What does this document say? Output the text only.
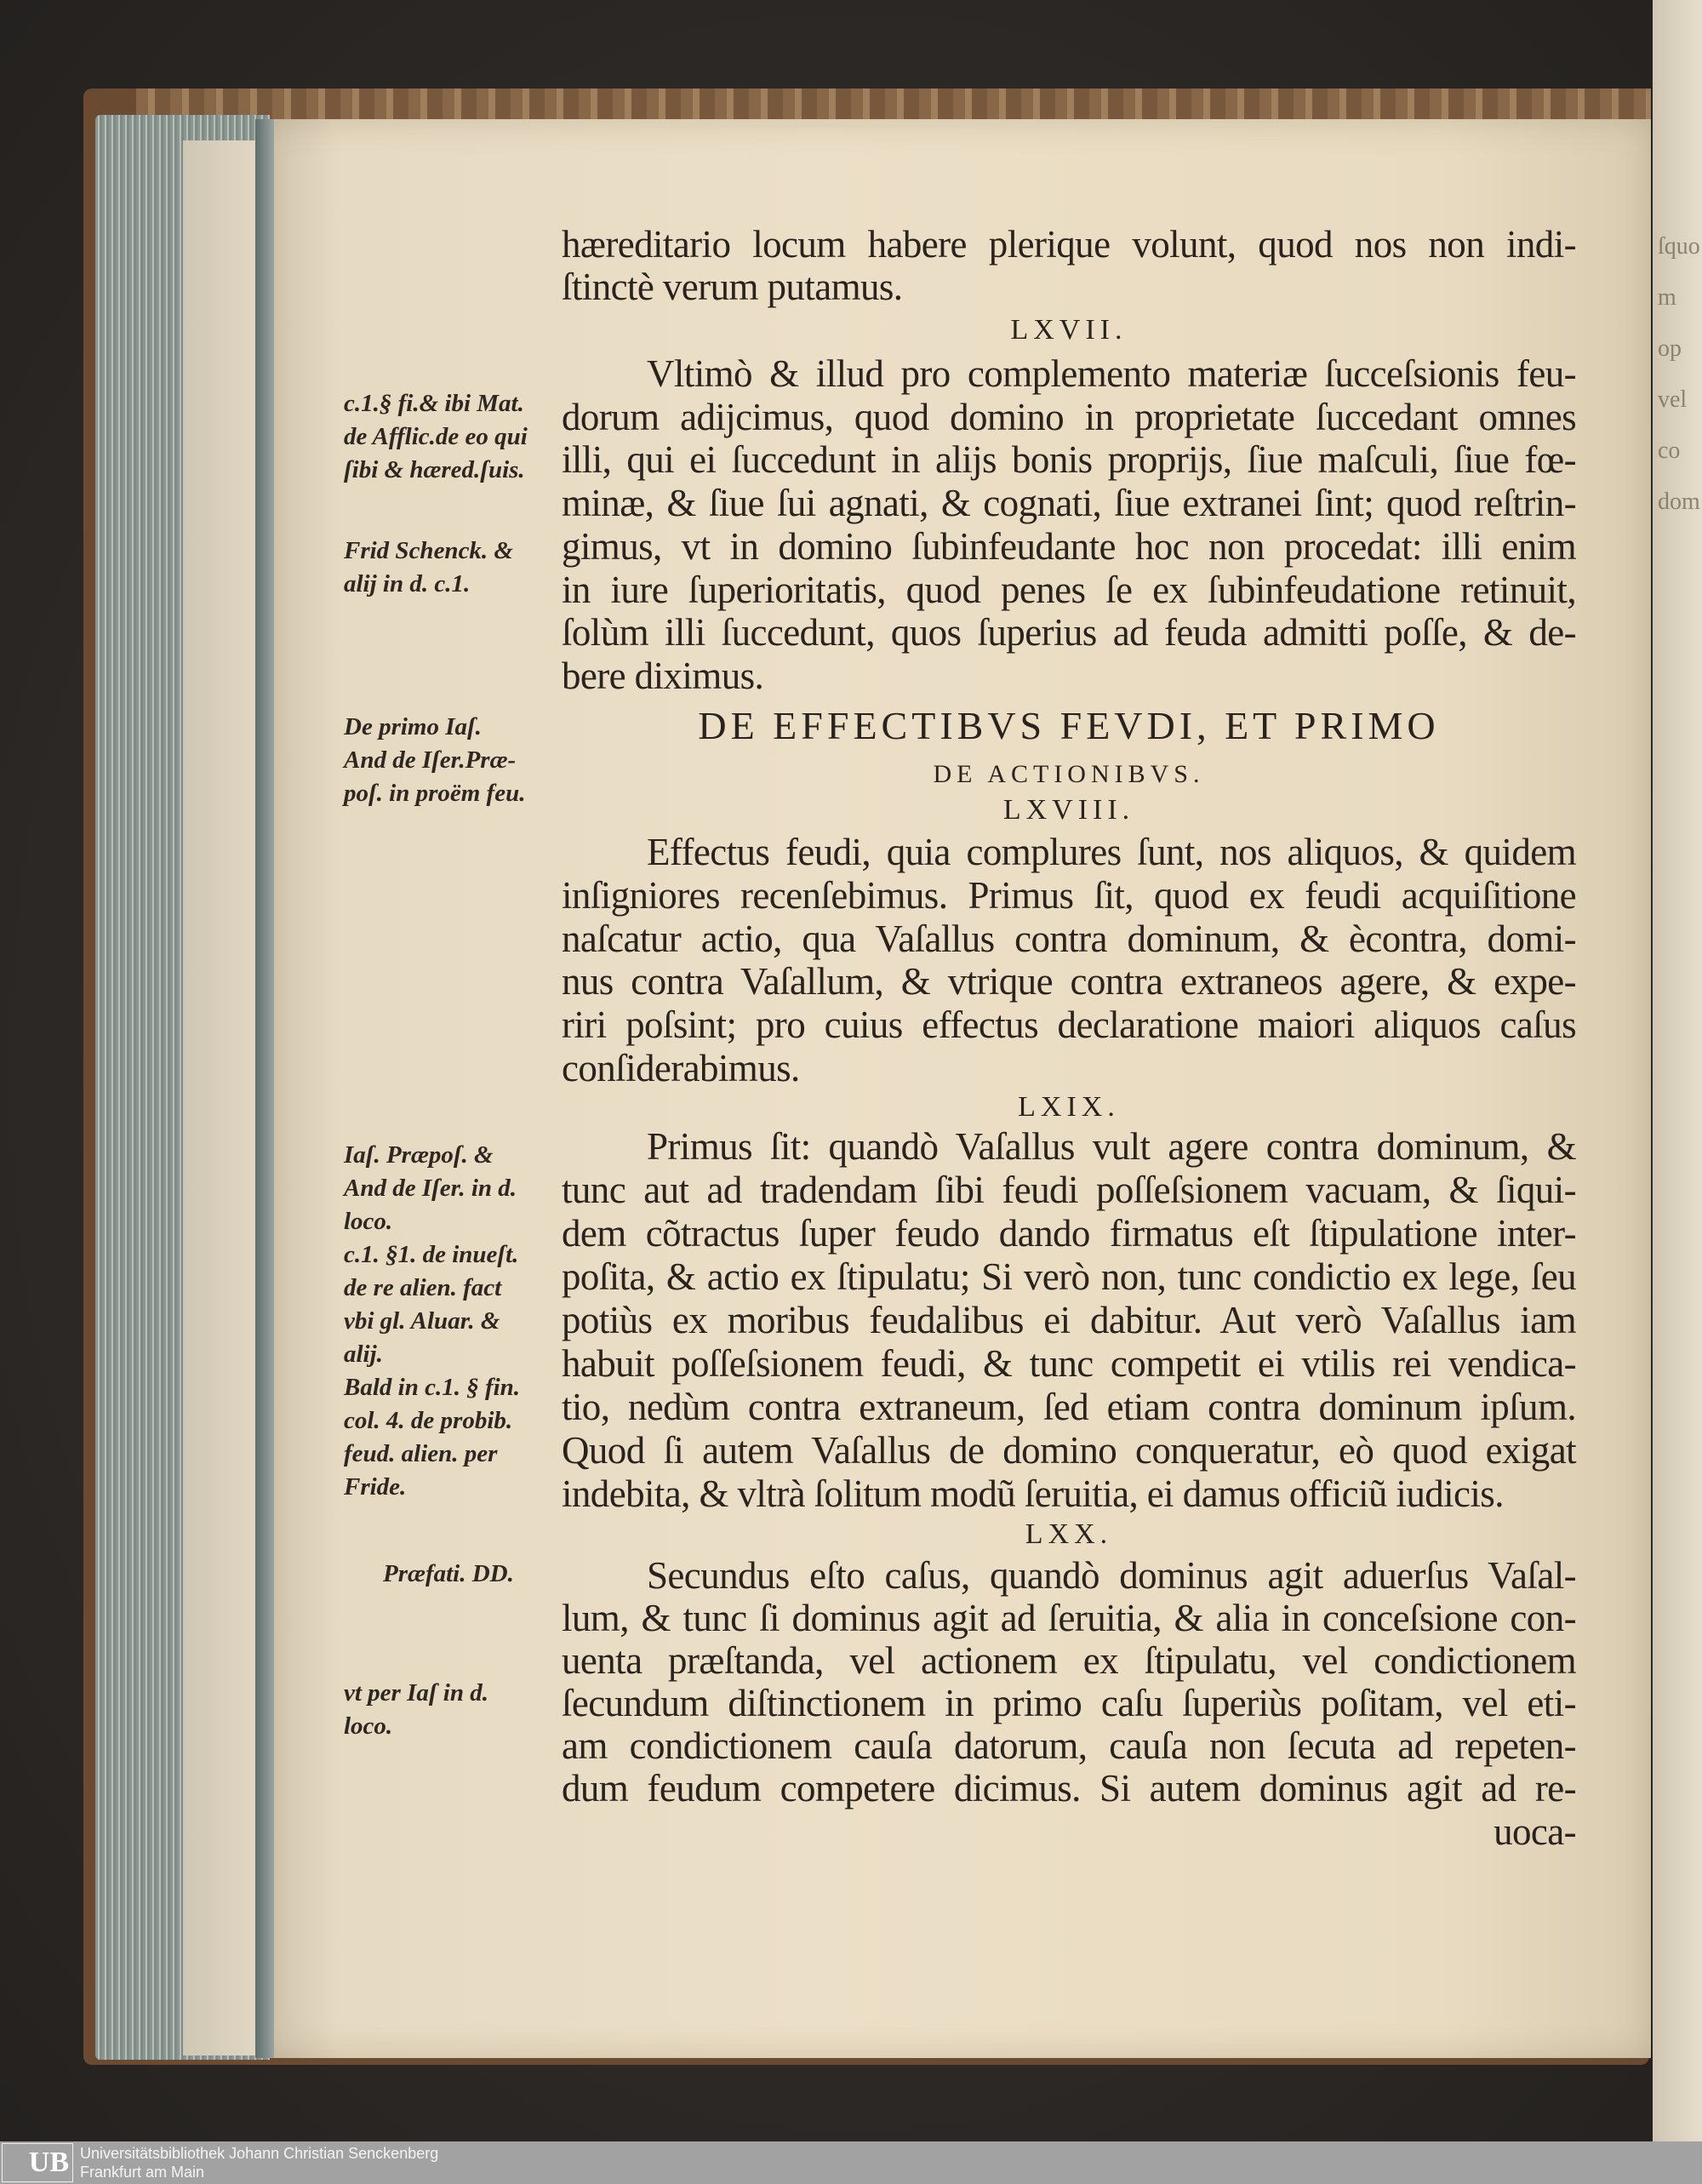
ſquo
m op
vel co
dom
hæreditario locum habere plerique volunt, quod nos non indi-
ſtinctè verum putamus.
LXVII.
Vltimò & illud pro complemento materiæ ſucceſsionis feu-
dorum adijcimus, quod domino in proprietate ſuccedant omnes
illi, qui ei ſuccedunt in alijs bonis proprijs, ſiue maſculi, ſiue fœ-
minæ, & ſiue ſui agnati, & cognati, ſiue extranei ſint; quod reſtrin-
gimus, vt in domino ſubinfeudante hoc non procedat: illi enim
in iure ſuperioritatis, quod penes ſe ex ſubinfeudatione retinuit,
ſolùm illi ſuccedunt, quos ſuperius ad feuda admitti poſſe, & de-
bere diximus.
DE EFFECTIBVS FEVDI, ET PRIMO
DE ACTIONIBVS.
LXVIII.
Effectus feudi, quia complures ſunt, nos aliquos, & quidem
inſigniores recenſebimus. Primus ſit, quod ex feudi acquiſitione
naſcatur actio, qua Vaſallus contra dominum, & ècontra, domi-
nus contra Vaſallum, & vtrique contra extraneos agere, & expe-
riri poſsint; pro cuius effectus declaratione maiori aliquos caſus
conſiderabimus.
LXIX.
Primus ſit: quandò Vaſallus vult agere contra dominum, &
tunc aut ad tradendam ſibi feudi poſſeſsionem vacuam, & ſiqui-
dem cõtractus ſuper feudo dando firmatus eſt ſtipulatione inter-
poſita, & actio ex ſtipulatu; Si verò non, tunc condictio ex lege, ſeu
potiùs ex moribus feudalibus ei dabitur. Aut verò Vaſallus iam
habuit poſſeſsionem feudi, & tunc competit ei vtilis rei vendica-
tio, nedùm contra extraneum, ſed etiam contra dominum ipſum.
Quod ſi autem Vaſallus de domino conqueratur, eò quod exigat
indebita, & vltrà ſolitum modũ ſeruitia, ei damus officiũ iudicis.
LXX.
Secundus eſto caſus, quandò dominus agit aduerſus Vaſal-
lum, & tunc ſi dominus agit ad ſeruitia, & alia in conceſsione con-
uenta præſtanda, vel actionem ex ſtipulatu, vel condictionem
ſecundum diſtinctionem in primo caſu ſuperiùs poſitam, vel eti-
am condictionem cauſa datorum, cauſa non ſecuta ad repeten-
dum feudum competere dicimus. Si autem dominus agit ad re-
uoca-
c.1.§ fi.& ibi Mat.
de Afflic.de eo qui
ſibi & hæred.ſuis.
Frid Schenck. &
alij in d. c.1.
De primo Iaſ.
And de Iſer.Præ-
poſ. in proëm feu.
Iaſ. Præpoſ. &
And de Iſer. in d.
loco.
c.1. §1. de inueſt.
de re alien. fact
vbi gl. Aluar. &
alij.
Bald in c.1. § fin.
col. 4. de probib.
feud. alien. per
Fride.
Præfati. DD.
vt per Iaſ in d.
loco.
UB Universitätsbibliothek Johann Christian Senckenberg
Frankfurt am Main
